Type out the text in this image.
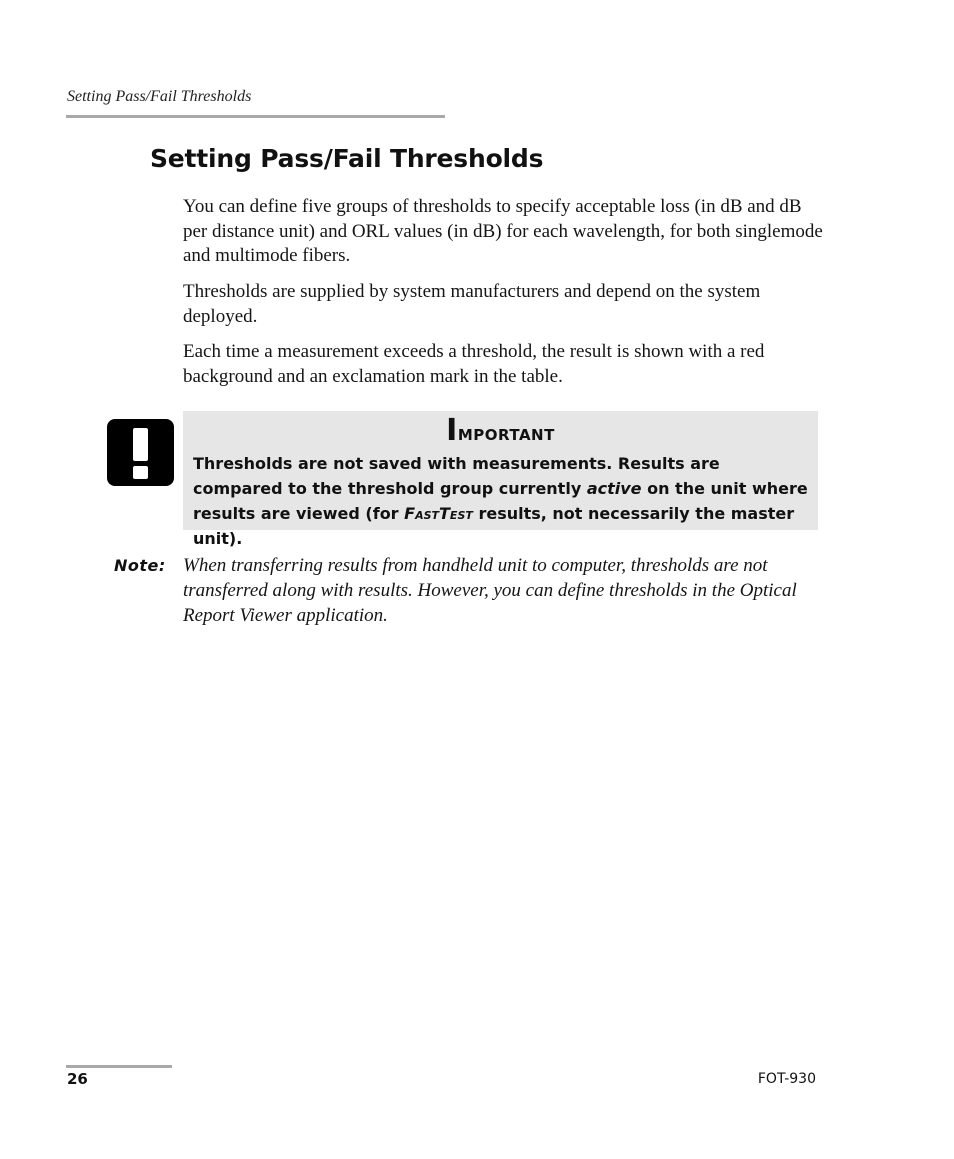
Setting Pass/Fail Thresholds
Setting Pass/Fail Thresholds

You can define five groups of thresholds to specify acceptable loss (in dB and dB per distance unit) and ORL values (in dB) for each wavelength, for both singlemode and multimode fibers.

Thresholds are supplied by system manufacturers and depend on the system deployed.

Each time a measurement exceeds a threshold, the result is shown with a red background and an exclamation mark in the table.

Important

Thresholds are not saved with measurements. Results are compared to the threshold group currently active on the unit where results are viewed (for FastTest results, not necessarily the master unit).

Note: When transferring results from handheld unit to computer, thresholds are not transferred along with results. However, you can define thresholds in the Optical Report Viewer application.

26	FOT-930
